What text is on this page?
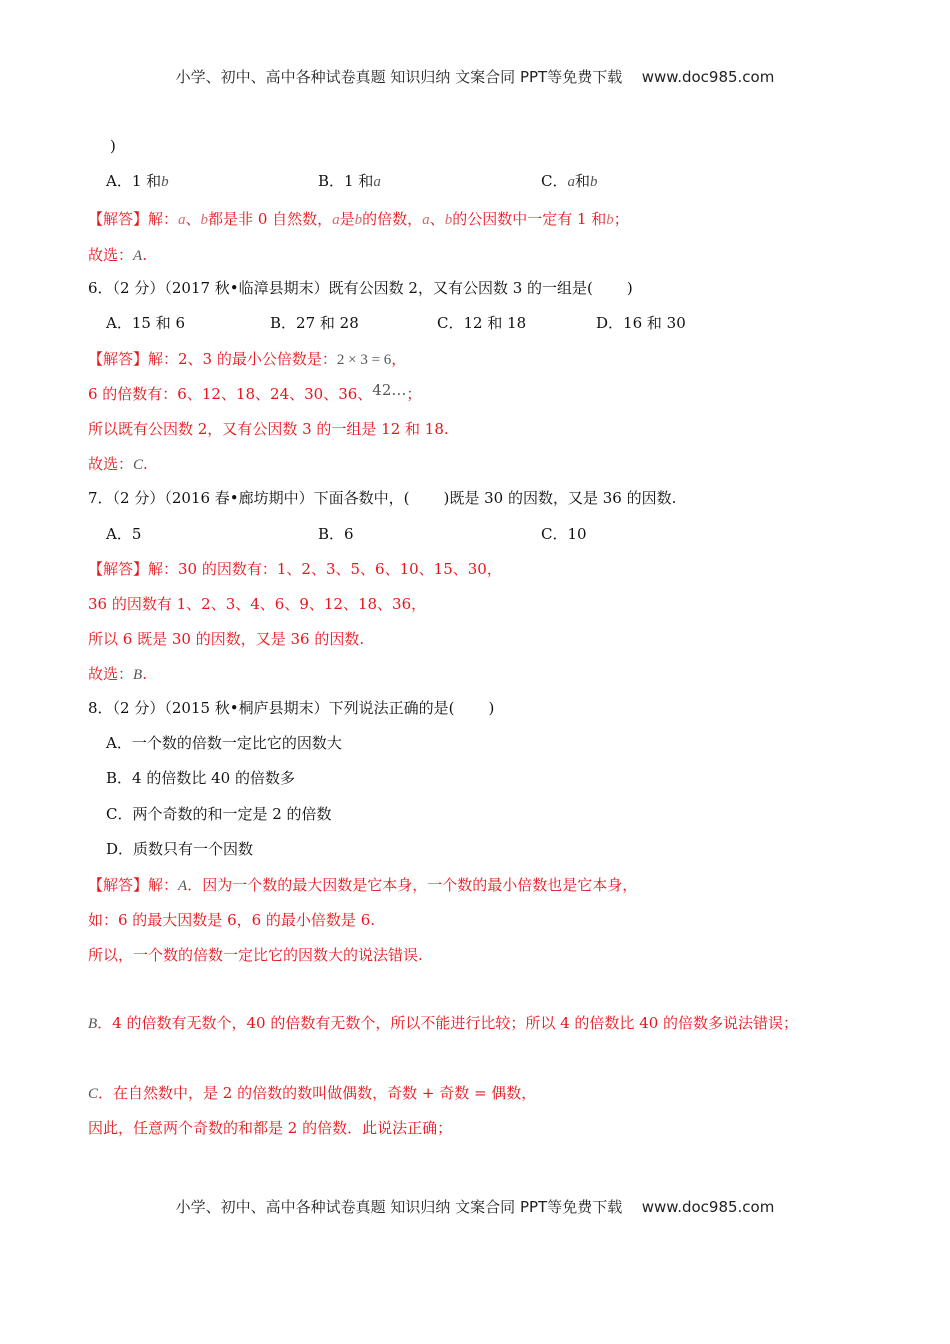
小学、初中、高中各种试卷真题 知识归纳 文案合同 PPT等免费下载 www.doc985.com
)
A．1 和b	B．1 和a	C．a和b
【解答】解：a、b都是非 0 自然数，a是b的倍数，a、b的公因数中一定有 1 和b；
故选：A.
6．（2 分）（2017 秋•临漳县期末）既有公因数 2，又有公因数 3 的一组是( )
A．15 和 6	B．27 和 28	C．12 和 18	D．16 和 30
【解答】解：2、3 的最小公倍数是：2 × 3 = 6，
6 的倍数有：6、12、18、24、30、36、42…；
所以既有公因数 2，又有公因数 3 的一组是 12 和 18.
故选：C.
7．（2 分）（2016 春•廊坊期中）下面各数中，( )既是 30 的因数，又是 36 的因数.
A．5	B．6	C．10
【解答】解：30 的因数有：1、2、3、5、6、10、15、30，
36 的因数有 1、2、3、4、6、9、12、18、36，
所以 6 既是 30 的因数，又是 36 的因数.
故选：B.
8．（2 分）（2015 秋•桐庐县期末）下列说法正确的是( )
A．一个数的倍数一定比它的因数大
B．4 的倍数比 40 的倍数多
C．两个奇数的和一定是 2 的倍数
D．质数只有一个因数
【解答】解：A．因为一个数的最大因数是它本身，一个数的最小倍数也是它本身，
如：6 的最大因数是 6，6 的最小倍数是 6.
所以，一个数的倍数一定比它的因数大的说法错误.
B．4 的倍数有无数个，40 的倍数有无数个，所以不能进行比较；所以 4 的倍数比 40 的倍数多说法错误；
C．在自然数中，是 2 的倍数的数叫做偶数，奇数 + 奇数 = 偶数，
因此，任意两个奇数的和都是 2 的倍数．此说法正确；
小学、初中、高中各种试卷真题 知识归纳 文案合同 PPT等免费下载 www.doc985.com
